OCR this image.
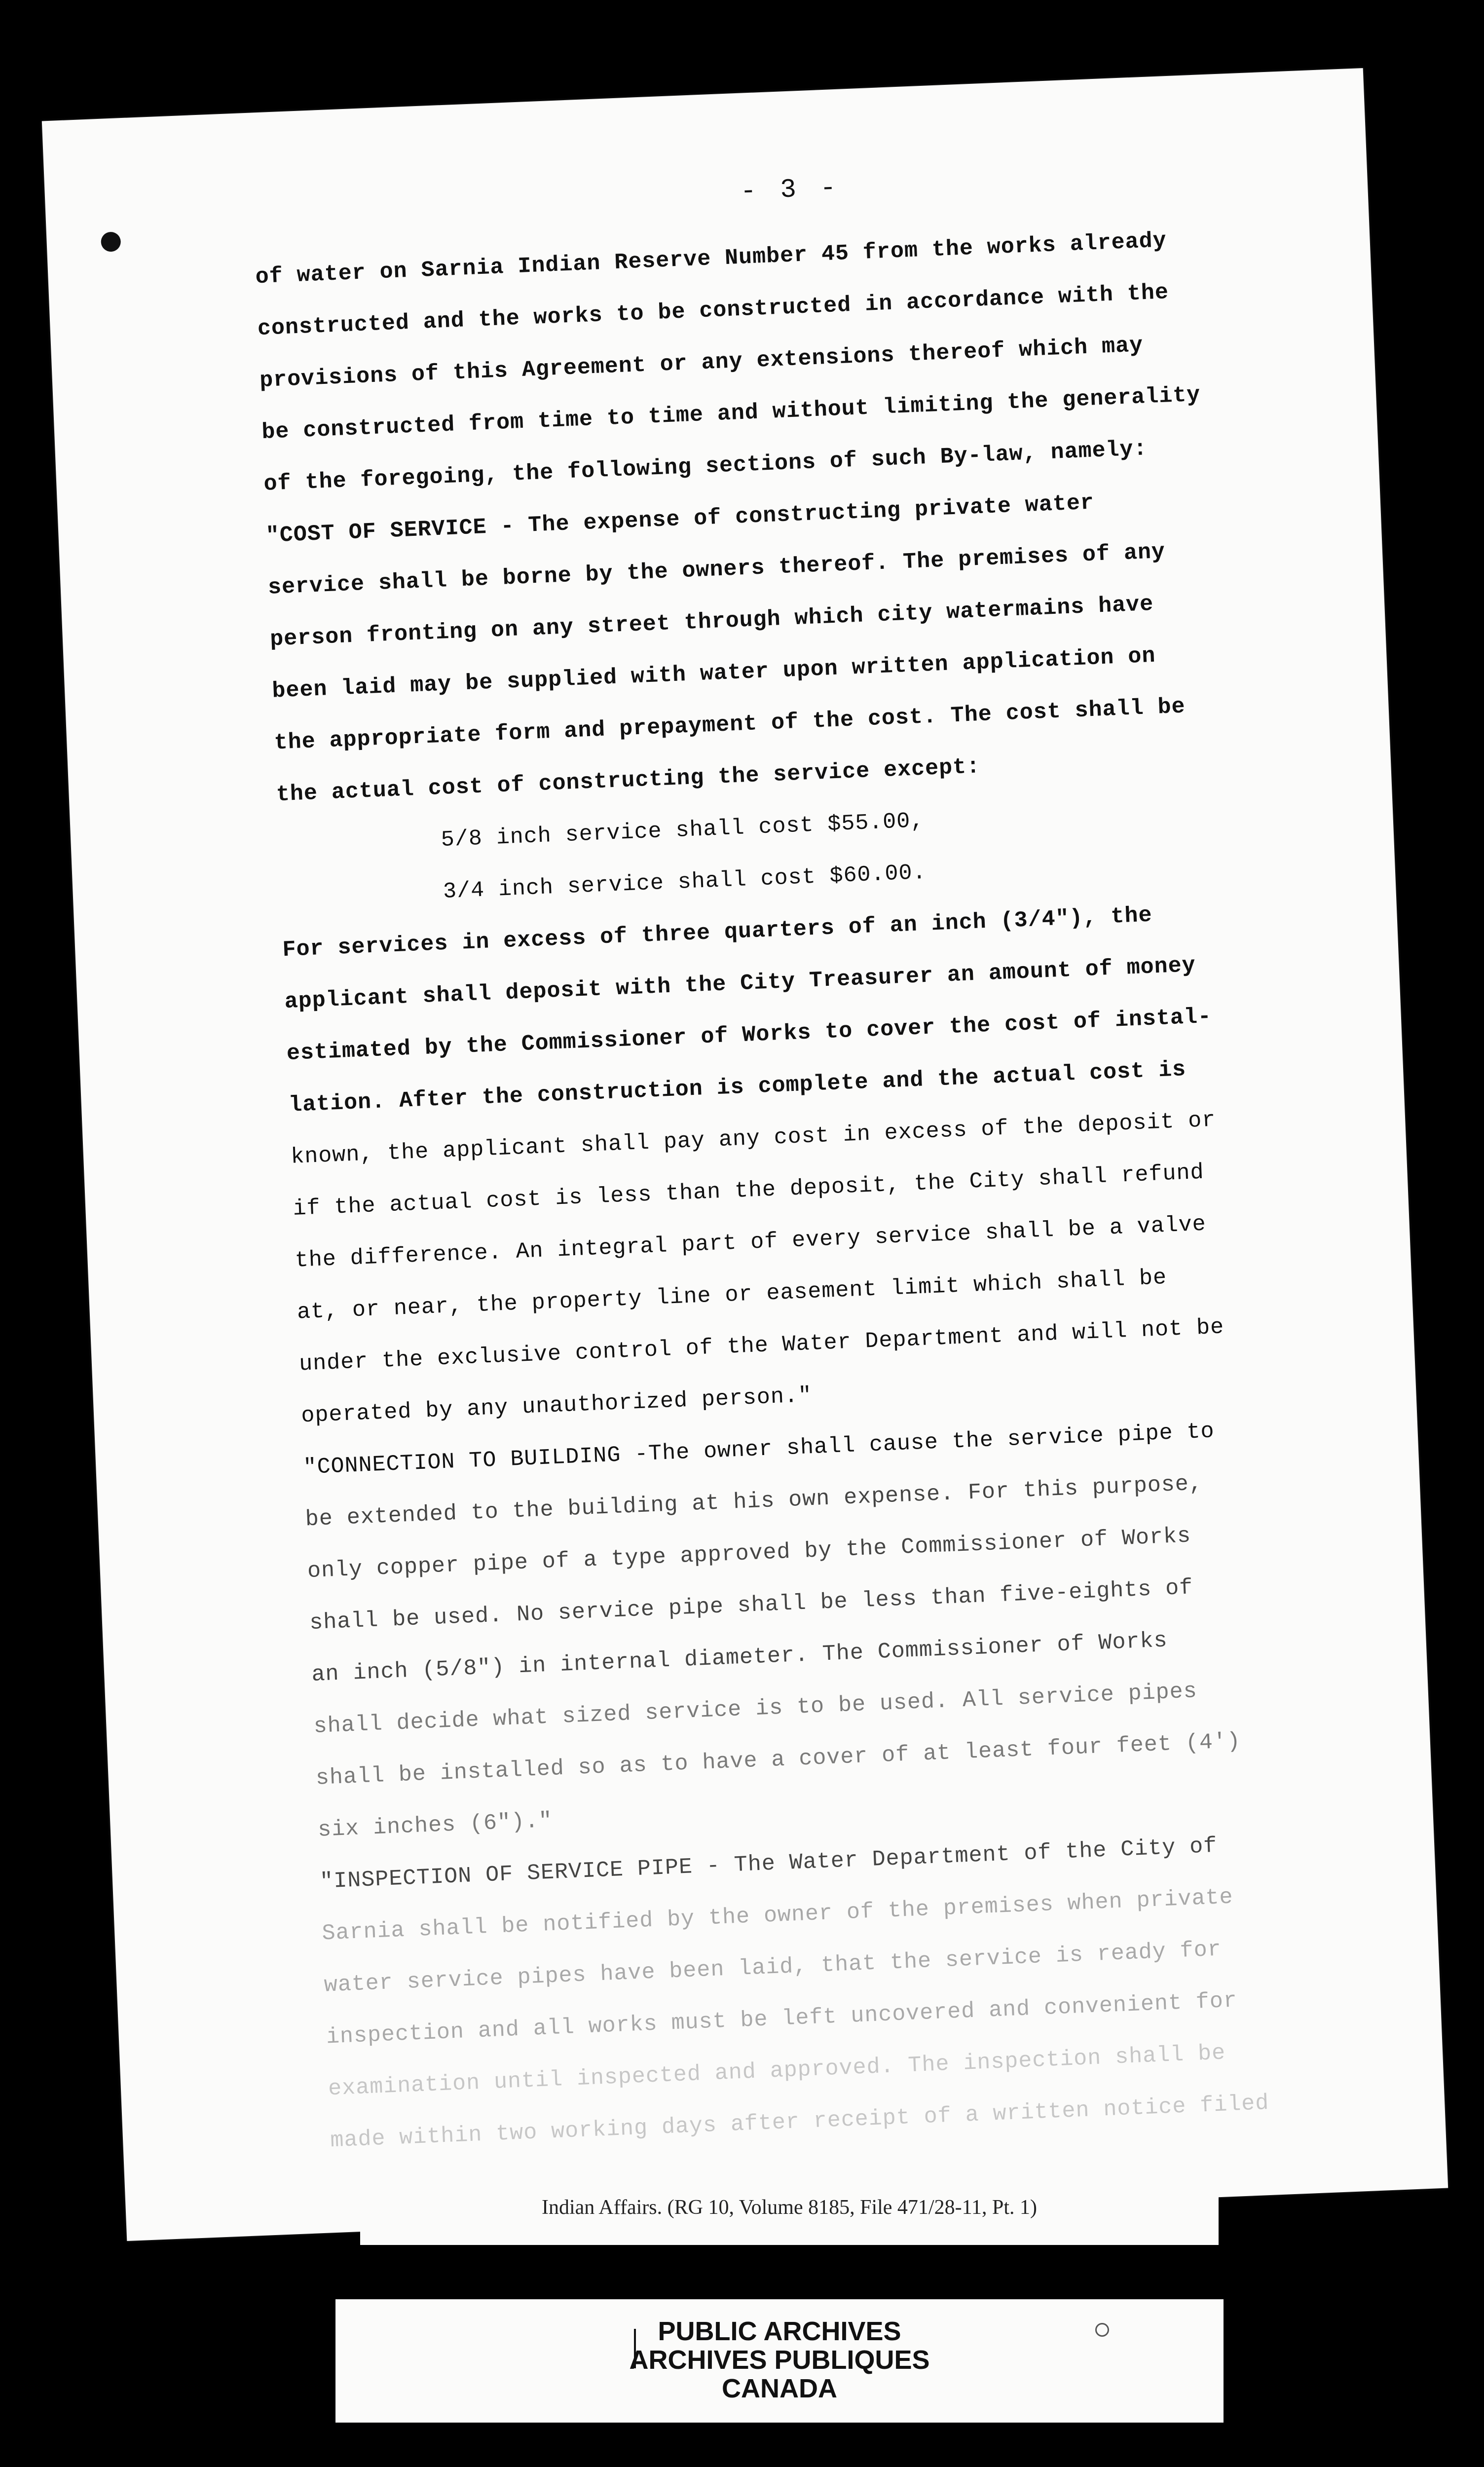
- 3 -
of water on Sarnia Indian Reserve Number 45 from the works already
constructed and the works to be constructed in accordance with the
provisions of this Agreement or any extensions thereof which may
be constructed from time to time and without limiting the generality
of the foregoing, the following sections of such By-law, namely:
"COST OF SERVICE - The expense of constructing private water
service shall be borne by the owners thereof. The premises of any
person fronting on any street through which city watermains have
been laid may be supplied with water upon written application on
the appropriate form and prepayment of the cost. The cost shall be
the actual cost of constructing the service except:
5/8 inch service shall cost $55.00,
3/4 inch service shall cost $60.00.
For services in excess of three quarters of an inch (3/4"), the
applicant shall deposit with the City Treasurer an amount of money
estimated by the Commissioner of Works to cover the cost of instal-
lation. After the construction is complete and the actual cost is
known, the applicant shall pay any cost in excess of the deposit or
if the actual cost is less than the deposit, the City shall refund
the difference. An integral part of every service shall be a valve
at, or near, the property line or easement limit which shall be
under the exclusive control of the Water Department and will not be
operated by any unauthorized person."
"CONNECTION TO BUILDING -The owner shall cause the service pipe to
be extended to the building at his own expense. For this purpose,
only copper pipe of a type approved by the Commissioner of Works
shall be used. No service pipe shall be less than five-eights of
an inch (5/8") in internal diameter. The Commissioner of Works
shall decide what sized service is to be used. All service pipes
shall be installed so as to have a cover of at least four feet (4')
six inches (6")."
"INSPECTION OF SERVICE PIPE - The Water Department of the City of
Sarnia shall be notified by the owner of the premises when private
water service pipes have been laid, that the service is ready for
inspection and all works must be left uncovered and convenient for
examination until inspected and approved. The inspection shall be
made within two working days after receipt of a written notice filed
Indian Affairs. (RG 10, Volume 8185, File 471/28-11, Pt. 1)
PUBLIC ARCHIVES
ARCHIVES PUBLIQUES
CANADA
